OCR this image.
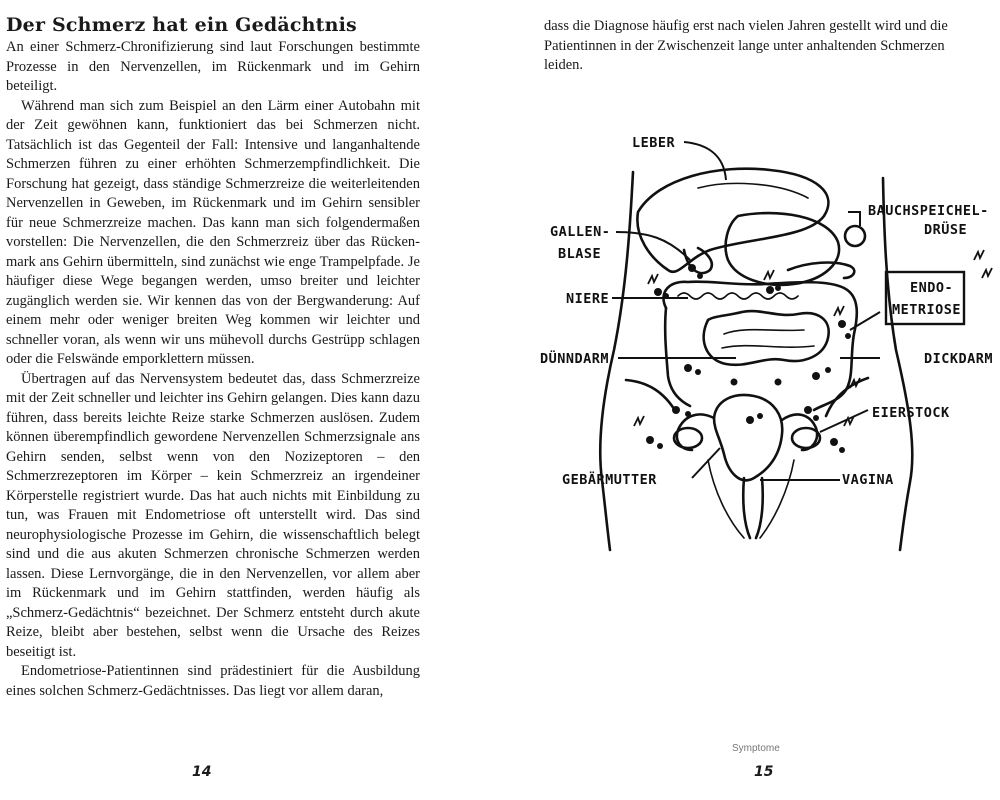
Der Schmerz hat ein Gedächtnis

An einer Schmerz-Chronifizierung sind laut Forschungen bestimmte Prozesse in den Nervenzellen, im Rückenmark und im Gehirn beteiligt.

Während man sich zum Beispiel an den Lärm einer Autobahn mit der Zeit gewöhnen kann, funktioniert das bei Schmerzen nicht. Tatsächlich ist das Gegenteil der Fall: Intensive und langanhaltende Schmerzen führen zu einer erhöhten Schmerzempfindlichkeit. Die Forschung hat gezeigt, dass ständige Schmerzreize die weiterleitenden Nervenzellen in Geweben, im Rückenmark und im Gehirn sensibler für neue Schmerzreize machen. Das kann man sich folgendermaßen vorstellen: Die Nervenzellen, die den Schmerzreiz über das Rückenmark ans Gehirn übermitteln, sind zunächst wie enge Trampelpfade. Je häufiger diese Wege begangen werden, umso breiter und leichter zugänglich werden sie. Wir kennen das von der Bergwanderung: Auf einem mehr oder weniger breiten Weg kommen wir leichter und schneller voran, als wenn wir uns mühevoll durchs Gestrüpp schlagen oder die Felswände emporklettern müssen.

Übertragen auf das Nervensystem bedeutet das, dass Schmerzreize mit der Zeit schneller und leichter ins Gehirn gelangen. Dies kann dazu führen, dass bereits leichte Reize starke Schmerzen auslösen. Zudem können überempfindlich gewordene Nervenzellen Schmerzsignale ans Gehirn senden, selbst wenn von den Nozizeptoren – den Schmerzrezeptoren im Körper – kein Schmerzreiz an irgendeiner Körperstelle registriert wurde. Das hat auch nichts mit Einbildung zu tun, was Frauen mit Endometriose oft unterstellt wird. Das sind neurophysiologische Prozesse im Gehirn, die wissenschaftlich belegt sind und die aus akuten Schmerzen chronische Schmerzen werden lassen. Diese Lernvorgänge, die in den Nervenzellen, vor allem aber im Rückenmark und im Gehirn stattfinden, werden häufig als „Schmerz-Gedächtnis“ bezeichnet. Der Schmerz entsteht durch akute Reize, bleibt aber bestehen, selbst wenn die Ursache des Reizes beseitigt ist.

Endometriose-Patientinnen sind prädestiniert für die Ausbildung eines solchen Schmerz-Gedächtnisses. Das liegt vor allem daran,

14

dass die Diagnose häufig erst nach vielen Jahren gestellt wird und die Patientinnen in der Zwischenzeit lange unter anhaltenden Schmerzen leiden.

Symptome
15
LEBER
GALLEN-
BLASE
NIERE
DÜNNDARM
GEBÄRMUTTER
BAUCHSPEICHEL-
DRÜSE
ENDO-
METRIOSE
DICKDARM
EIERSTOCK
VAGINA
